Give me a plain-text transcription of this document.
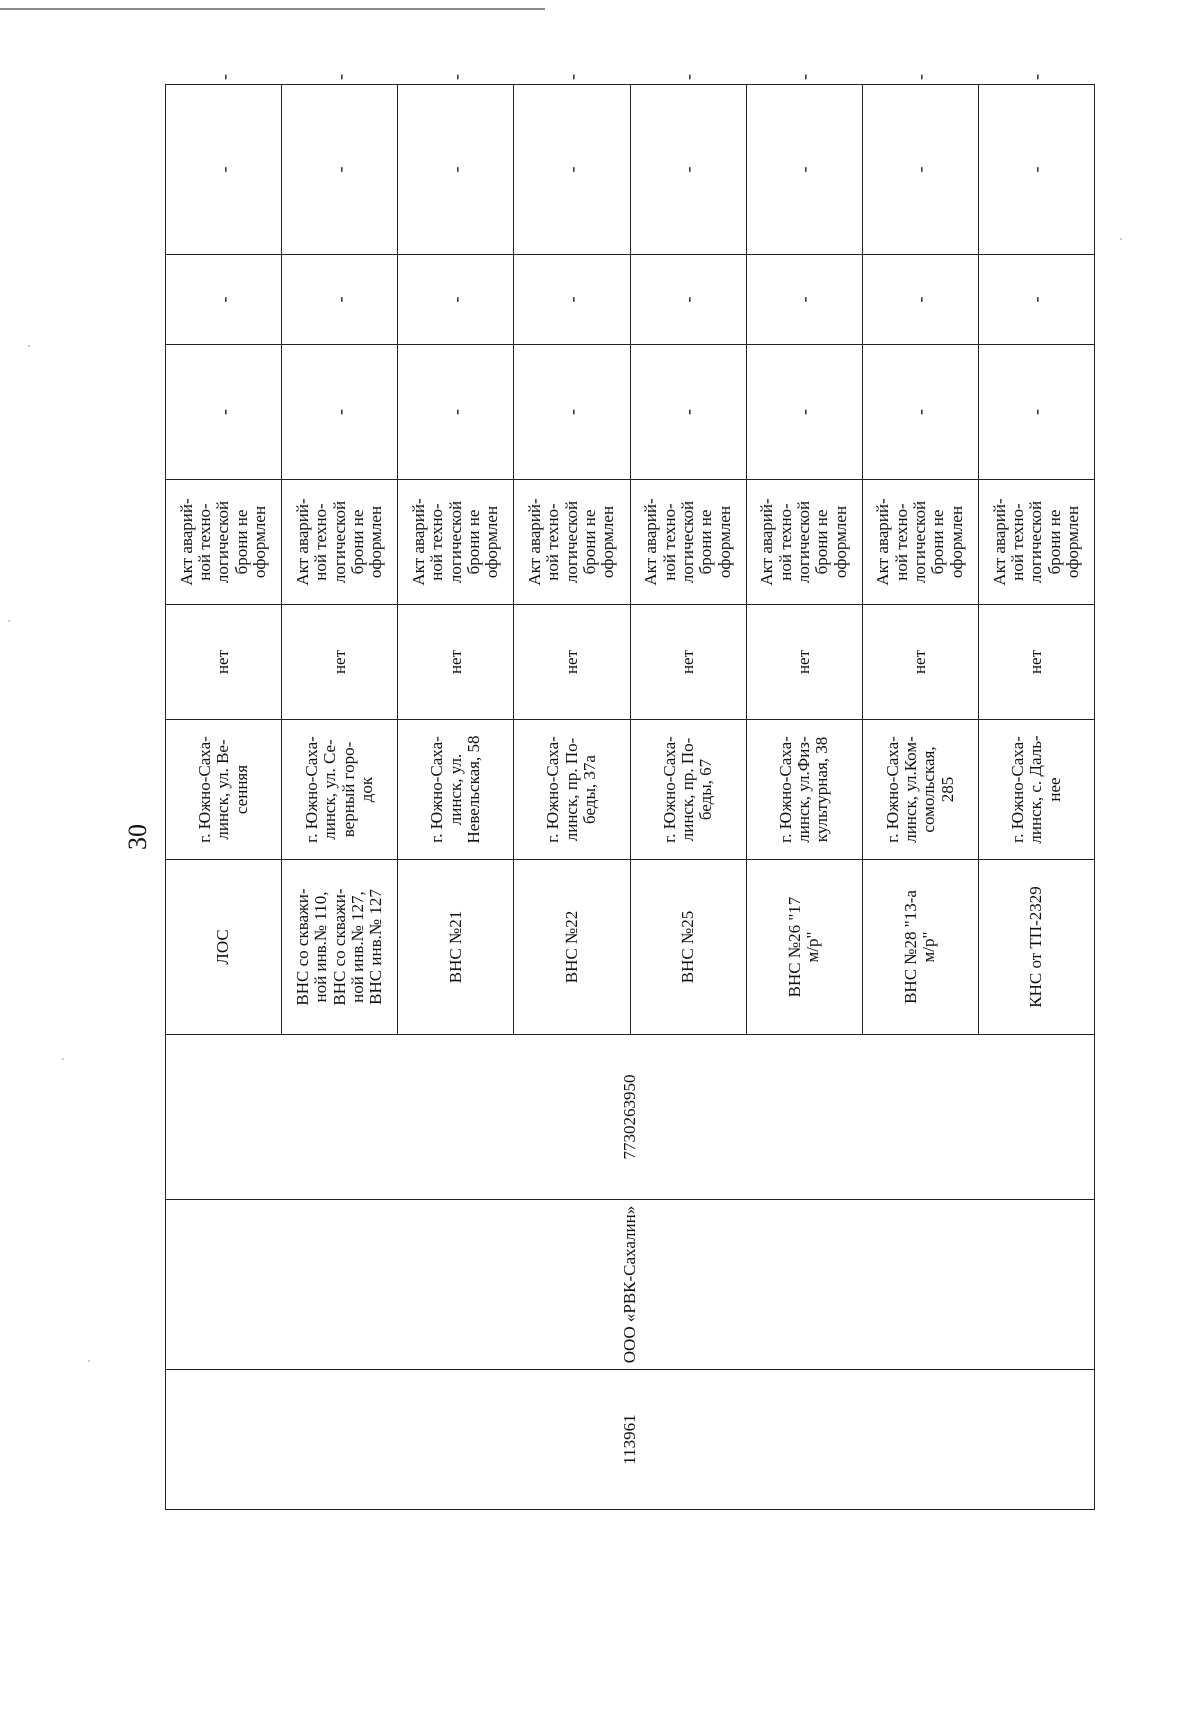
30
113961	ООО «РВК-Сахалин»	7730263950	ЛОС	г. Южно-Саха-
линск, ул. Ве-
сенняя	нет	Акт аварий-
ной техно-
логической
брони не
оформлен	-	-	-	-
			ВНС со скважи-
ной инв.№ 110,
ВНС со скважи-
ной инв.№ 127,
ВНС инв.№ 127	г. Южно-Саха-
линск, ул. Се-
верный горо-
док	нет	Акт аварий-
ной техно-
логической
брони не
оформлен	-	-	-	-
			ВНС №21	г. Южно-Саха-
линск, ул.
Невельская, 58	нет	Акт аварий-
ной техно-
логической
брони не
оформлен	-	-	-	-
			ВНС №22	г. Южно-Саха-
линск, пр. По-
беды, 37а	нет	Акт аварий-
ной техно-
логической
брони не
оформлен	-	-	-	-
			ВНС №25	г. Южно-Саха-
линск, пр. По-
беды, 67	нет	Акт аварий-
ной техно-
логической
брони не
оформлен	-	-	-	-
			ВНС №26 "17
м/р"	г. Южно-Саха-
линск, ул.Физ-
культурная, 38	нет	Акт аварий-
ной техно-
логической
брони не
оформлен	-	-	-	-
			ВНС №28 "13-а
м/р"	г. Южно-Саха-
линск, ул.Ком-
сомольская,
285	нет	Акт аварий-
ной техно-
логической
брони не
оформлен	-	-	-	-
			КНС от ТП-2329	г. Южно-Саха-
линск, с. Даль-
нее	нет	Акт аварий-
ной техно-
логической
брони не
оформлен	-	-	-	-
